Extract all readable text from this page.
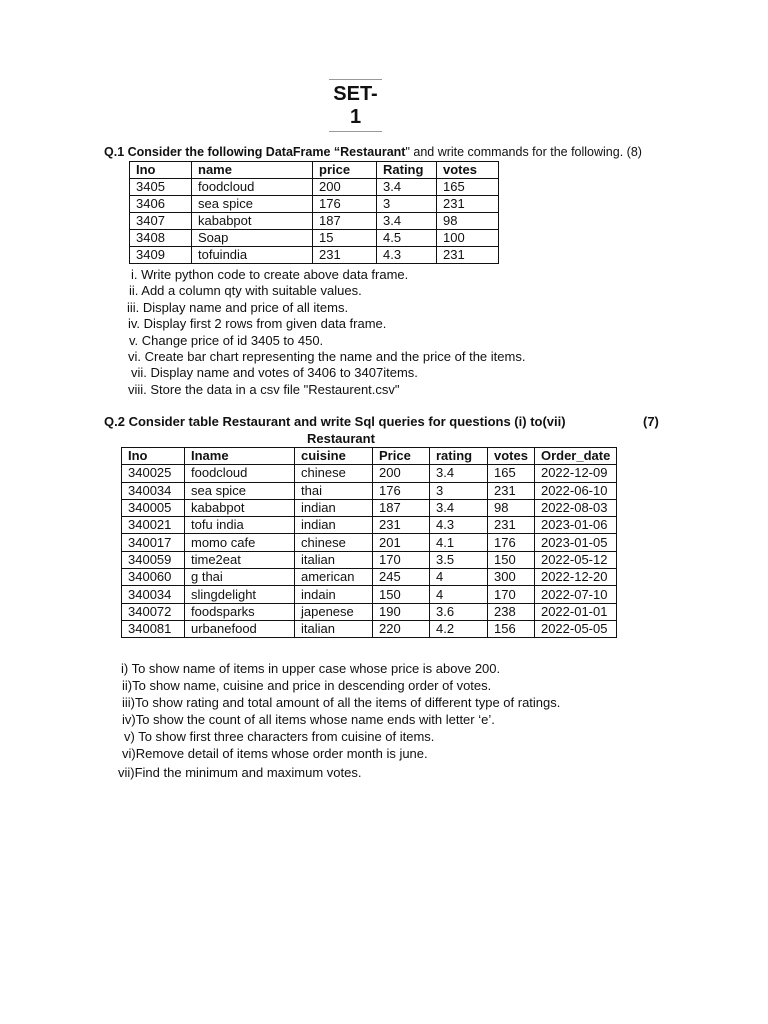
SET-1
Q.1 Consider the following DataFrame “Restaurant" and write commands for the following. (8)
Ino	name	price	Rating	votes
3405	foodcloud	200	3.4	165
3406	sea spice	176	3	231
3407	kababpot	187	3.4	98
3408	Soap	15	4.5	100
3409	tofuindia	231	4.3	231
i. Write python code to create above data frame.
ii. Add a column qty with suitable values.
iii. Display name and price of all items.
iv. Display first 2 rows from given data frame.
v. Change price of id 3405 to 450.
vi. Create bar chart representing the name and the price of the items.
vii. Display name and votes of 3406 to 3407items.
viii. Store the data in a csv file "Restaurent.csv"
Q.2 Consider table Restaurant and write Sql queries for questions (i) to(vii)	(7)
Restaurant
Ino	Iname	cuisine	Price	rating	votes	Order_date
340025	foodcloud	chinese	200	3.4	165	2022-12-09
340034	sea spice	thai	176	3	231	2022-06-10
340005	kababpot	indian	187	3.4	98	2022-08-03
340021	tofu india	indian	231	4.3	231	2023-01-06
340017	momo cafe	chinese	201	4.1	176	2023-01-05
340059	time2eat	italian	170	3.5	150	2022-05-12
340060	g thai	american	245	4	300	2022-12-20
340034	slingdelight	indain	150	4	170	2022-07-10
340072	foodsparks	japenese	190	3.6	238	2022-01-01
340081	urbanefood	italian	220	4.2	156	2022-05-05
i) To show name of items in upper case whose price is above 200.
ii)To show name, cuisine and price in descending order of votes.
iii)To show rating and total amount of all the items of different type of ratings.
iv)To show the count of all items whose name ends with letter ‘e’.
v) To show first three characters from cuisine of items.
vi)Remove detail of items whose order month is june.
vii)Find the minimum and maximum votes.
